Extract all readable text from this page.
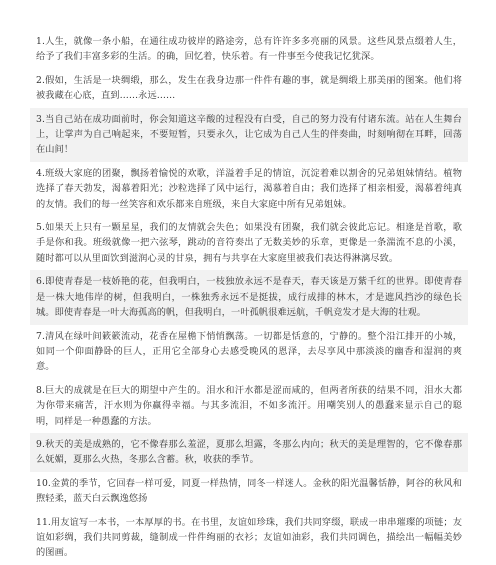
1.人生，就像一条小船，在通往成功彼岸的路途旁，总有许许多多亮丽的风景。这些风景点缀着人生，给予了我们丰富多彩的生活。的确，回忆着，快乐着。有一件事至今使我记忆犹深。

2.假如，生活是一块绸缎，那么，发生在我身边那一件件有趣的事，就是绸缎上那美丽的图案。他们将被我藏在心底，直到……永远……

3.当自己站在成功面前时，你会知道这辛酸的过程没有白受，自己的努力没有付诸东流。站在人生舞台上，让掌声为自己响起来，不要短暂，只要永久，让它成为自己人生的伴奏曲，时刻响彻在耳畔，回荡在山间！

4.班级大家庭的团聚，飘扬着愉悦的欢歌，洋溢着手足的情谊，沉淀着难以割舍的兄弟姐妹情结。植物选择了春天勃发，渴慕着阳光；沙粒选择了风中运行，渴慕着自由；我们选择了相亲相爱，渴慕着纯真的友情。我们的每一丝笑容和欢乐都来自班级，来自大家庭中所有兄弟姐妹。

5.如果天上只有一颗星星，我们的友情就会失色；如果没有团聚，我们就会彼此忘记。相逢是首歌，歌手是你和我。班级就像一把六弦琴，跳动的音符奏出了无数美妙的乐章，更像是一条湍流不息的小溪，随时都可以从里面饮到滋润心灵的甘泉，拥有与共享在大家庭里被我们表达得淋漓尽致。

6.即使青春是一枝娇艳的花，但我明白，一枝独放永远不是春天，春天该是万紫千红的世界。即使青春是一株大地伟岸的树，但我明白，一株独秀永远不是挺拔，成行成排的林木，才是遮风挡沙的绿色长城。即使青春是一叶大海孤高的帆，但我明白，一叶孤帆很难远航，千帆竞发才是大海的壮观。

7.清风在绿叶间簌簌流动，花香在屋檐下悄悄飘荡。一切都是恬意的，宁静的。整个沿江排开的小城，如同一个仰面静卧的巨人，正用它全部身心去感受晚风的恩泽，去尽享风中那淡淡的幽香和湿润的爽意。

8.巨大的成就是在巨大的期望中产生的。泪水和汗水都是涩而咸的，但两者所获的结果不同，泪水大都为你带来痛苦，汗水则为你赢得幸福。与其多流泪，不如多流汗。用嘲笑别人的愚蠢来显示自己的聪明，同样是一种愚蠢的方法。

9.秋天的美是成熟的，它不像春那么羞涩，夏那么坦露，冬那么内向；秋天的美是理智的，它不像春那么妩媚，夏那么火热，冬那么含蓄。秋，收获的季节。

10.金黄的季节，它回春一样可爱，同夏一样热情，同冬一样迷人。金秋的阳光温馨恬静，阿谷的秋风和煦轻柔，蓝天白云飘逸悠扬

11.用友谊写一本书，一本厚厚的书。在书里，友谊如珍珠，我们共同穿缀，联成一串串璀璨的项链；友谊如彩绸，我们共同剪裁，缝制成一件件绚丽的衣衫；友谊如油彩，我们共同调色，描绘出一幅幅美妙的图画。
